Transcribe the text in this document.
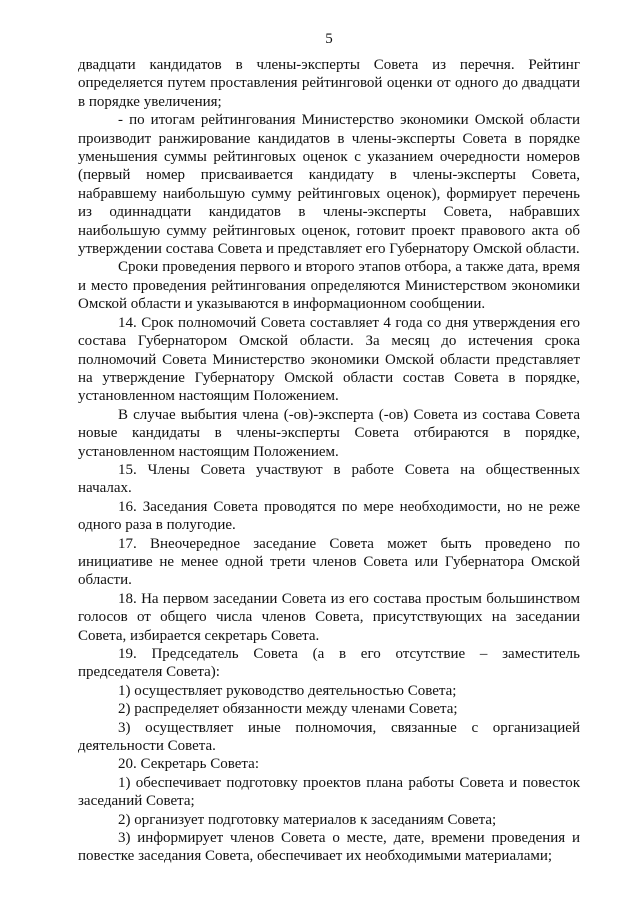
5

двадцати кандидатов в члены-эксперты Совета из перечня. Рейтинг определяется путем проставления рейтинговой оценки от одного до двадцати в порядке увеличения;

- по итогам рейтингования Министерство экономики Омской области производит ранжирование кандидатов в члены-эксперты Совета в порядке уменьшения суммы рейтинговых оценок с указанием очередности номеров (первый номер присваивается кандидату в члены-эксперты Совета, набравшему наибольшую сумму рейтинговых оценок), формирует перечень из одиннадцати кандидатов в члены-эксперты Совета, набравших наибольшую сумму рейтинговых оценок, готовит проект правового акта об утверждении состава Совета и представляет его Губернатору Омской области.

Сроки проведения первого и второго этапов отбора, а также дата, время и место проведения рейтингования определяются Министерством экономики Омской области и указываются в информационном сообщении.

14. Срок полномочий Совета составляет 4 года со дня утверждения его состава Губернатором Омской области. За месяц до истечения срока полномочий Совета Министерство экономики Омской области представляет на утверждение Губернатору Омской области состав Совета в порядке, установленном настоящим Положением.

В случае выбытия члена (-ов)-эксперта (-ов) Совета из состава Совета новые кандидаты в члены-эксперты Совета отбираются в порядке, установленном настоящим Положением.

15. Члены Совета участвуют в работе Совета на общественных началах.

16. Заседания Совета проводятся по мере необходимости, но не реже одного раза в полугодие.

17. Внеочередное заседание Совета может быть проведено по инициативе не менее одной трети членов Совета или Губернатора Омской области.

18. На первом заседании Совета из его состава простым большинством голосов от общего числа членов Совета, присутствующих на заседании Совета, избирается секретарь Совета.

19. Председатель Совета (а в его отсутствие – заместитель председателя Совета):

1) осуществляет руководство деятельностью Совета;

2) распределяет обязанности между членами Совета;

3) осуществляет иные полномочия, связанные с организацией деятельности Совета.

20. Секретарь Совета:

1) обеспечивает подготовку проектов плана работы Совета и повесток заседаний Совета;

2) организует подготовку материалов к заседаниям Совета;

3) информирует членов Совета о месте, дате, времени проведения и повестке заседания Совета, обеспечивает их необходимыми материалами;
